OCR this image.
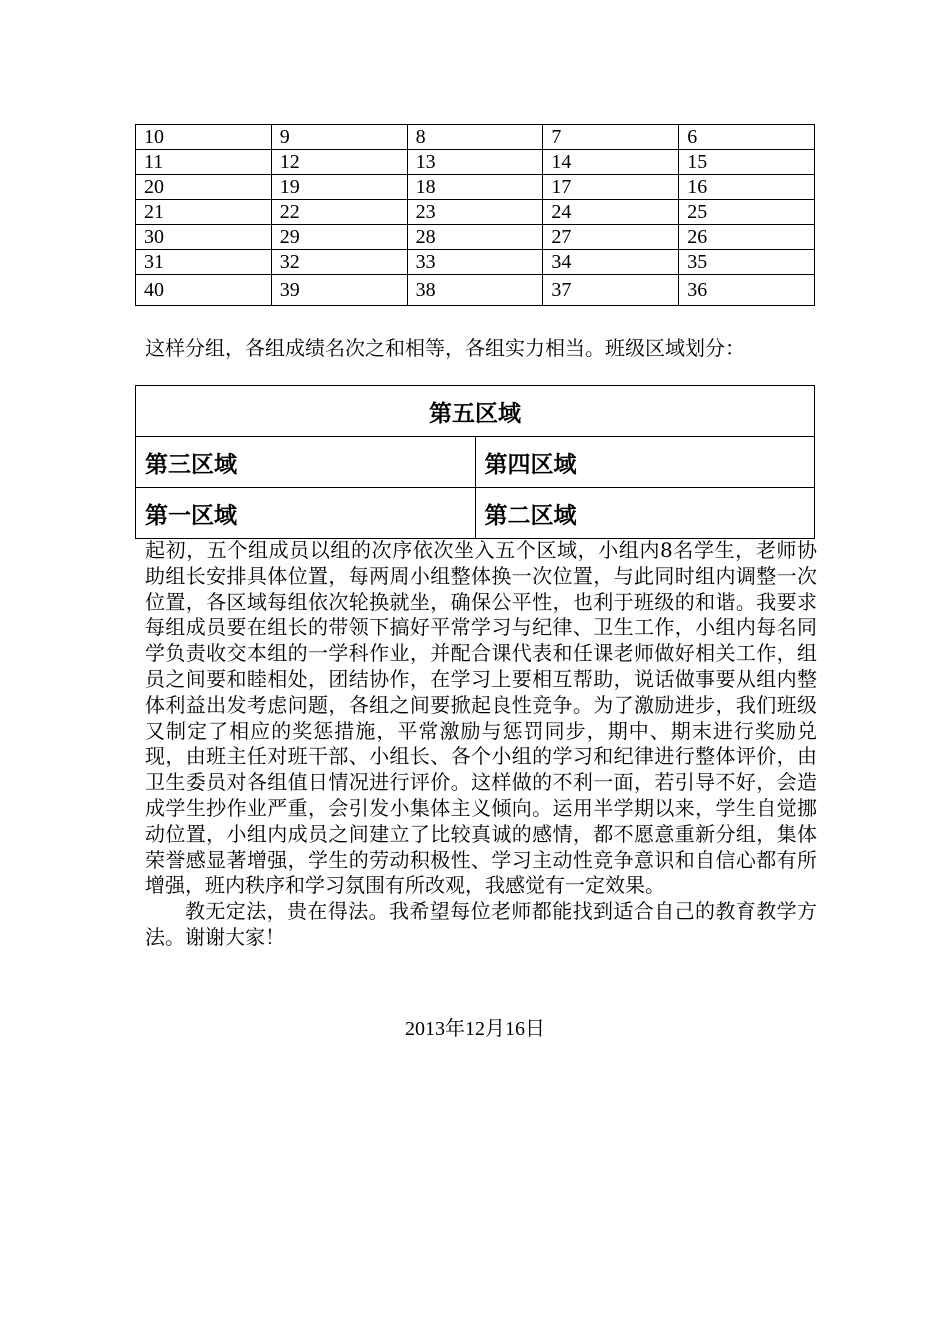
10	9	8	7	6
11	12	13	14	15
20	19	18	17	16
21	22	23	24	25
30	29	28	27	26
31	32	33	34	35
40	39	38	37	36
这样分组，各组成绩名次之和相等，各组实力相当。班级区域划分：
第五区域	
第三区域	第四区域
第一区域	第二区域

起初，五个组成员以组的次序依次坐入五个区域，小组内8名学生，老师协助组长安排具体位置，每两周小组整体换一次位置，与此同时组内调整一次位置，各区域每组依次轮换就坐，确保公平性，也利于班级的和谐。我要求每组成员要在组长的带领下搞好平常学习与纪律、卫生工作，小组内每名同学负责收交本组的一学科作业，并配合课代表和任课老师做好相关工作，组员之间要和睦相处，团结协作，在学习上要相互帮助，说话做事要从组内整体利益出发考虑问题，各组之间要掀起良性竞争。为了激励进步，我们班级又制定了相应的奖惩措施，平常激励与惩罚同步，期中、期末进行奖励兑现，由班主任对班干部、小组长、各个小组的学习和纪律进行整体评价，由卫生委员对各组值日情况进行评价。这样做的不利一面，若引导不好，会造成学生抄作业严重，会引发小集体主义倾向。运用半学期以来，学生自觉挪动位置，小组内成员之间建立了比较真诚的感情，都不愿意重新分组，集体荣誉感显著增强，学生的劳动积极性、学习主动性竞争意识和自信心都有所增强，班内秩序和学习氛围有所改观，我感觉有一定效果。

教无定法，贵在得法。我希望每位老师都能找到适合自己的教育教学方法。谢谢大家！

2013年12月16日
